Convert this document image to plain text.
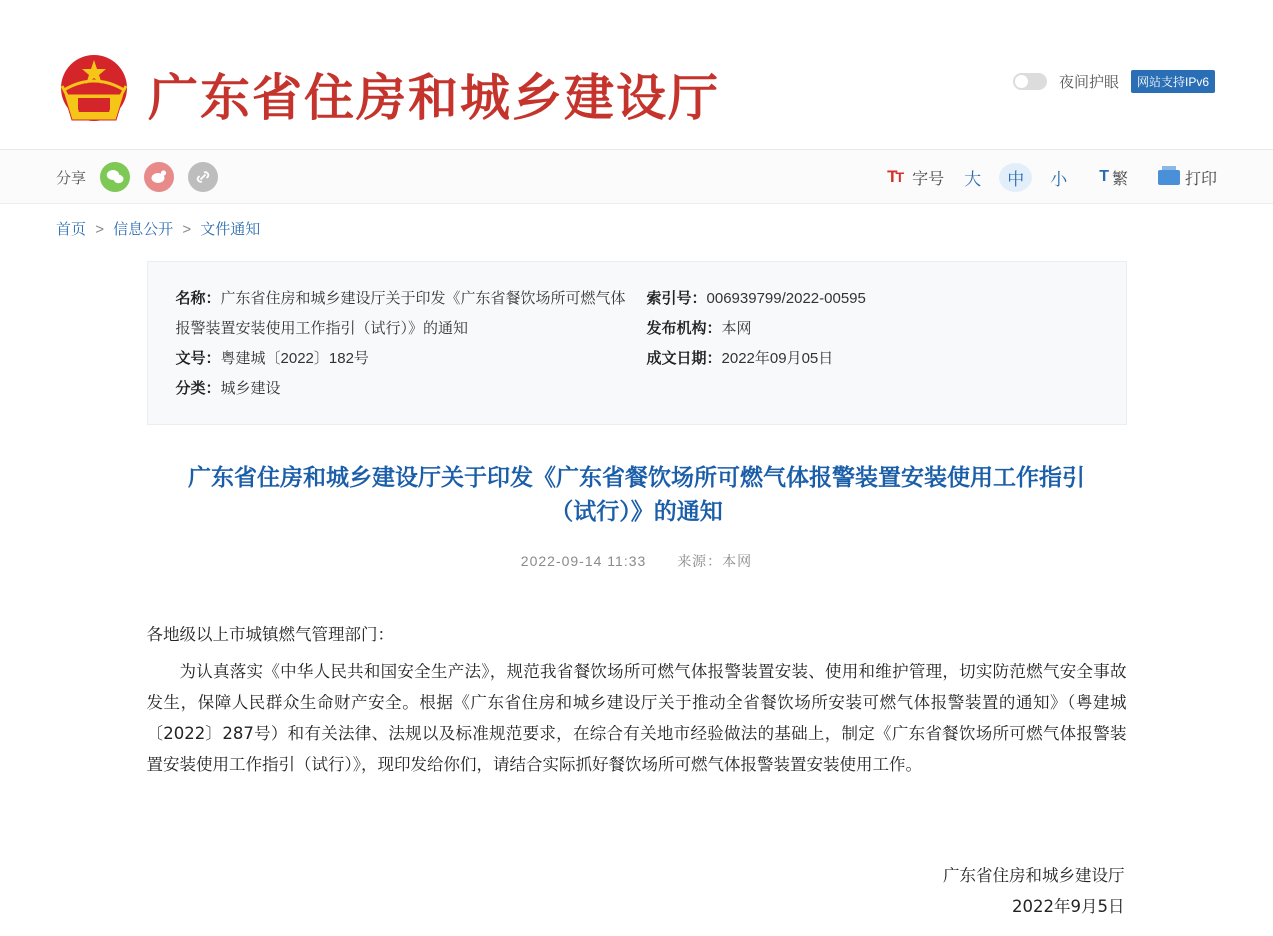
广东省住房和城乡建设厅	夜间护眼	网站支持IPv6
分享	TT 字号	大	中	小	T 繁	打印
首页 > 信息公开 > 文件通知
名称：广东省住房和城乡建设厅关于印发《广东省餐饮场所可燃气体报警装置安装使用工作指引（试行）》的通知
文号：粤建城〔2022〕182号
分类：城乡建设
索引号：006939799/2022-00595
发布机构：本网
成文日期：2022年09月05日
广东省住房和城乡建设厅关于印发《广东省餐饮场所可燃气体报警装置安装使用工作指引（试行）》的通知
2022-09-14 11:33 来源：本网

各地级以上市城镇燃气管理部门：

为认真落实《中华人民共和国安全生产法》，规范我省餐饮场所可燃气体报警装置安装、使用和维护管理，切实防范燃气安全事故发生，保障人民群众生命财产安全。根据《广东省住房和城乡建设厅关于推动全省餐饮场所安装可燃气体报警装置的通知》（粤建城〔2022〕287号）和有关法律、法规以及标准规范要求，在综合有关地市经验做法的基础上，制定《广东省餐饮场所可燃气体报警装置安装使用工作指引（试行）》，现印发给你们，请结合实际抓好餐饮场所可燃气体报警装置安装使用工作。

广东省住房和城乡建设厅
2022年9月5日
